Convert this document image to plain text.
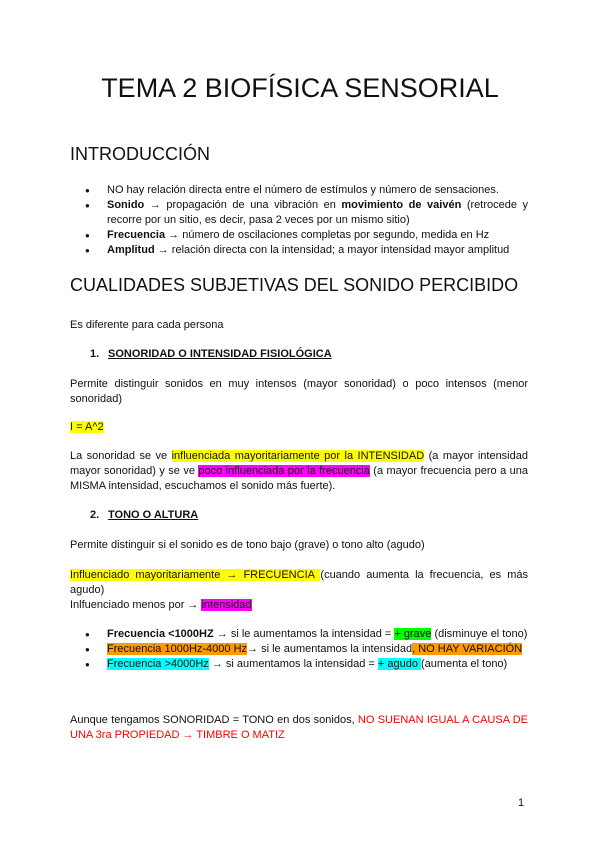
TEMA 2 BIOFÍSICA SENSORIAL
INTRODUCCIÓN
● NO hay relación directa entre el número de estímulos y número de sensaciones.
● Sonido → propagación de una vibración en movimiento de vaivén (retrocede y recorre por un sitio, es decir, pasa 2 veces por un mismo sitio)
● Frecuencia → número de oscilaciones completas por segundo, medida en Hz
● Amplitud → relación directa con la intensidad; a mayor intensidad mayor amplitud
CUALIDADES SUBJETIVAS DEL SONIDO PERCIBIDO

Es diferente para cada persona

1. SONORIDAD O INTENSIDAD FISIOLÓGICA

Permite distinguir sonidos en muy intensos (mayor sonoridad) o poco intensos (menor sonoridad)

I = A^2

La sonoridad se ve influenciada mayoritariamente por la INTENSIDAD (a mayor intensidad mayor sonoridad) y se ve poco influenciada por la frecuencia (a mayor frecuencia pero a una MISMA intensidad, escuchamos el sonido más fuerte).

2. TONO O ALTURA

Permite distinguir si el sonido es de tono bajo (grave) o tono alto (agudo)

Influenciado mayoritariamente → FRECUENCIA (cuando aumenta la frecuencia, es más agudo)

Inlfuenciado menos por → intensidad

● Frecuencia <1000HZ → si le aumentamos la intensidad = + grave (disminuye el tono)
● Frecuencia 1000Hz-4000 Hz→ si le aumentamos la intensidad, NO HAY VARIACIÓN
● Frecuencia >4000Hz → si aumentamos la intensidad = + agudo (aumenta el tono)

Aunque tengamos SONORIDAD = TONO en dos sonidos, NO SUENAN IGUAL A CAUSA DE UNA 3ra PROPIEDAD → TIMBRE O MATIZ

1
